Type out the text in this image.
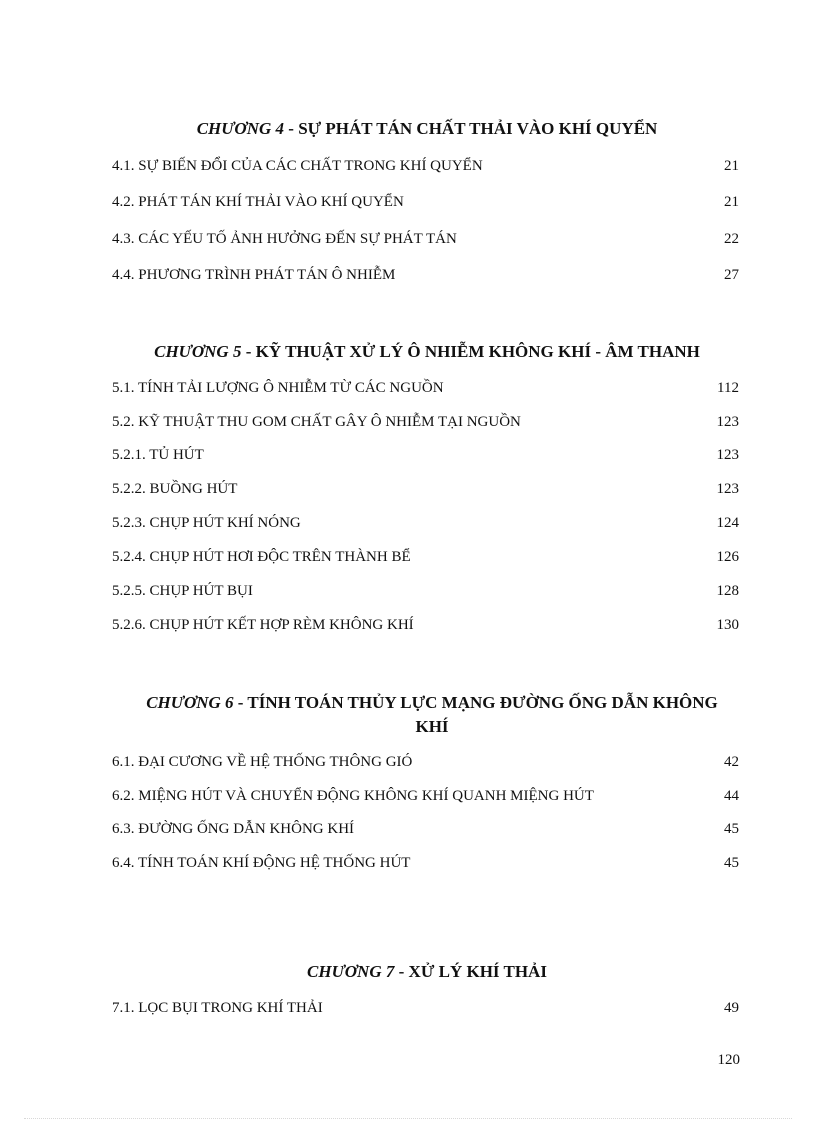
CHƯƠNG 4 - SỰ PHÁT TÁN CHẤT THẢI VÀO KHÍ QUYỂN
4.1. SỰ BIẾN ĐỔI CỦA CÁC CHẤT TRONG KHÍ QUYỂN	21
4.2. PHÁT TÁN KHÍ THẢI VÀO KHÍ QUYỂN	21
4.3. CÁC YẾU TỐ ẢNH HƯỞNG ĐẾN SỰ PHÁT TÁN	22
4.4. PHƯƠNG TRÌNH PHÁT TÁN Ô NHIỄM	27
CHƯƠNG 5 - KỸ THUẬT XỬ LÝ Ô NHIỄM KHÔNG KHÍ - ÂM THANH
5.1. TÍNH TẢI LƯỢNG Ô NHIỄM TỪ CÁC NGUỒN	112
5.2. KỸ THUẬT THU GOM CHẤT GÂY Ô NHIỄM TẠI NGUỒN	123
5.2.1. TỦ HÚT	123
5.2.2. BUỒNG HÚT	123
5.2.3. CHỤP HÚT KHÍ NÓNG	124
5.2.4. CHỤP HÚT HƠI ĐỘC TRÊN THÀNH BỂ	126
5.2.5. CHỤP HÚT BỤI	128
5.2.6. CHỤP HÚT KẾT HỢP RÈM KHÔNG KHÍ	130
CHƯƠNG 6 - TÍNH TOÁN THỦY LỰC MẠNG ĐƯỜNG ỐNG DẪN KHÔNG KHÍ
6.1. ĐẠI CƯƠNG VỀ HỆ THỐNG THÔNG GIÓ	42
6.2. MIỆNG HÚT VÀ CHUYỂN ĐỘNG KHÔNG KHÍ QUANH MIỆNG HÚT	44
6.3. ĐƯỜNG ỐNG DẪN KHÔNG KHÍ	45
6.4. TÍNH TOÁN KHÍ ĐỘNG HỆ THỐNG HÚT	45
CHƯƠNG 7 - XỬ LÝ KHÍ THẢI
7.1. LỌC BỤI TRONG KHÍ THẢI	49
120
